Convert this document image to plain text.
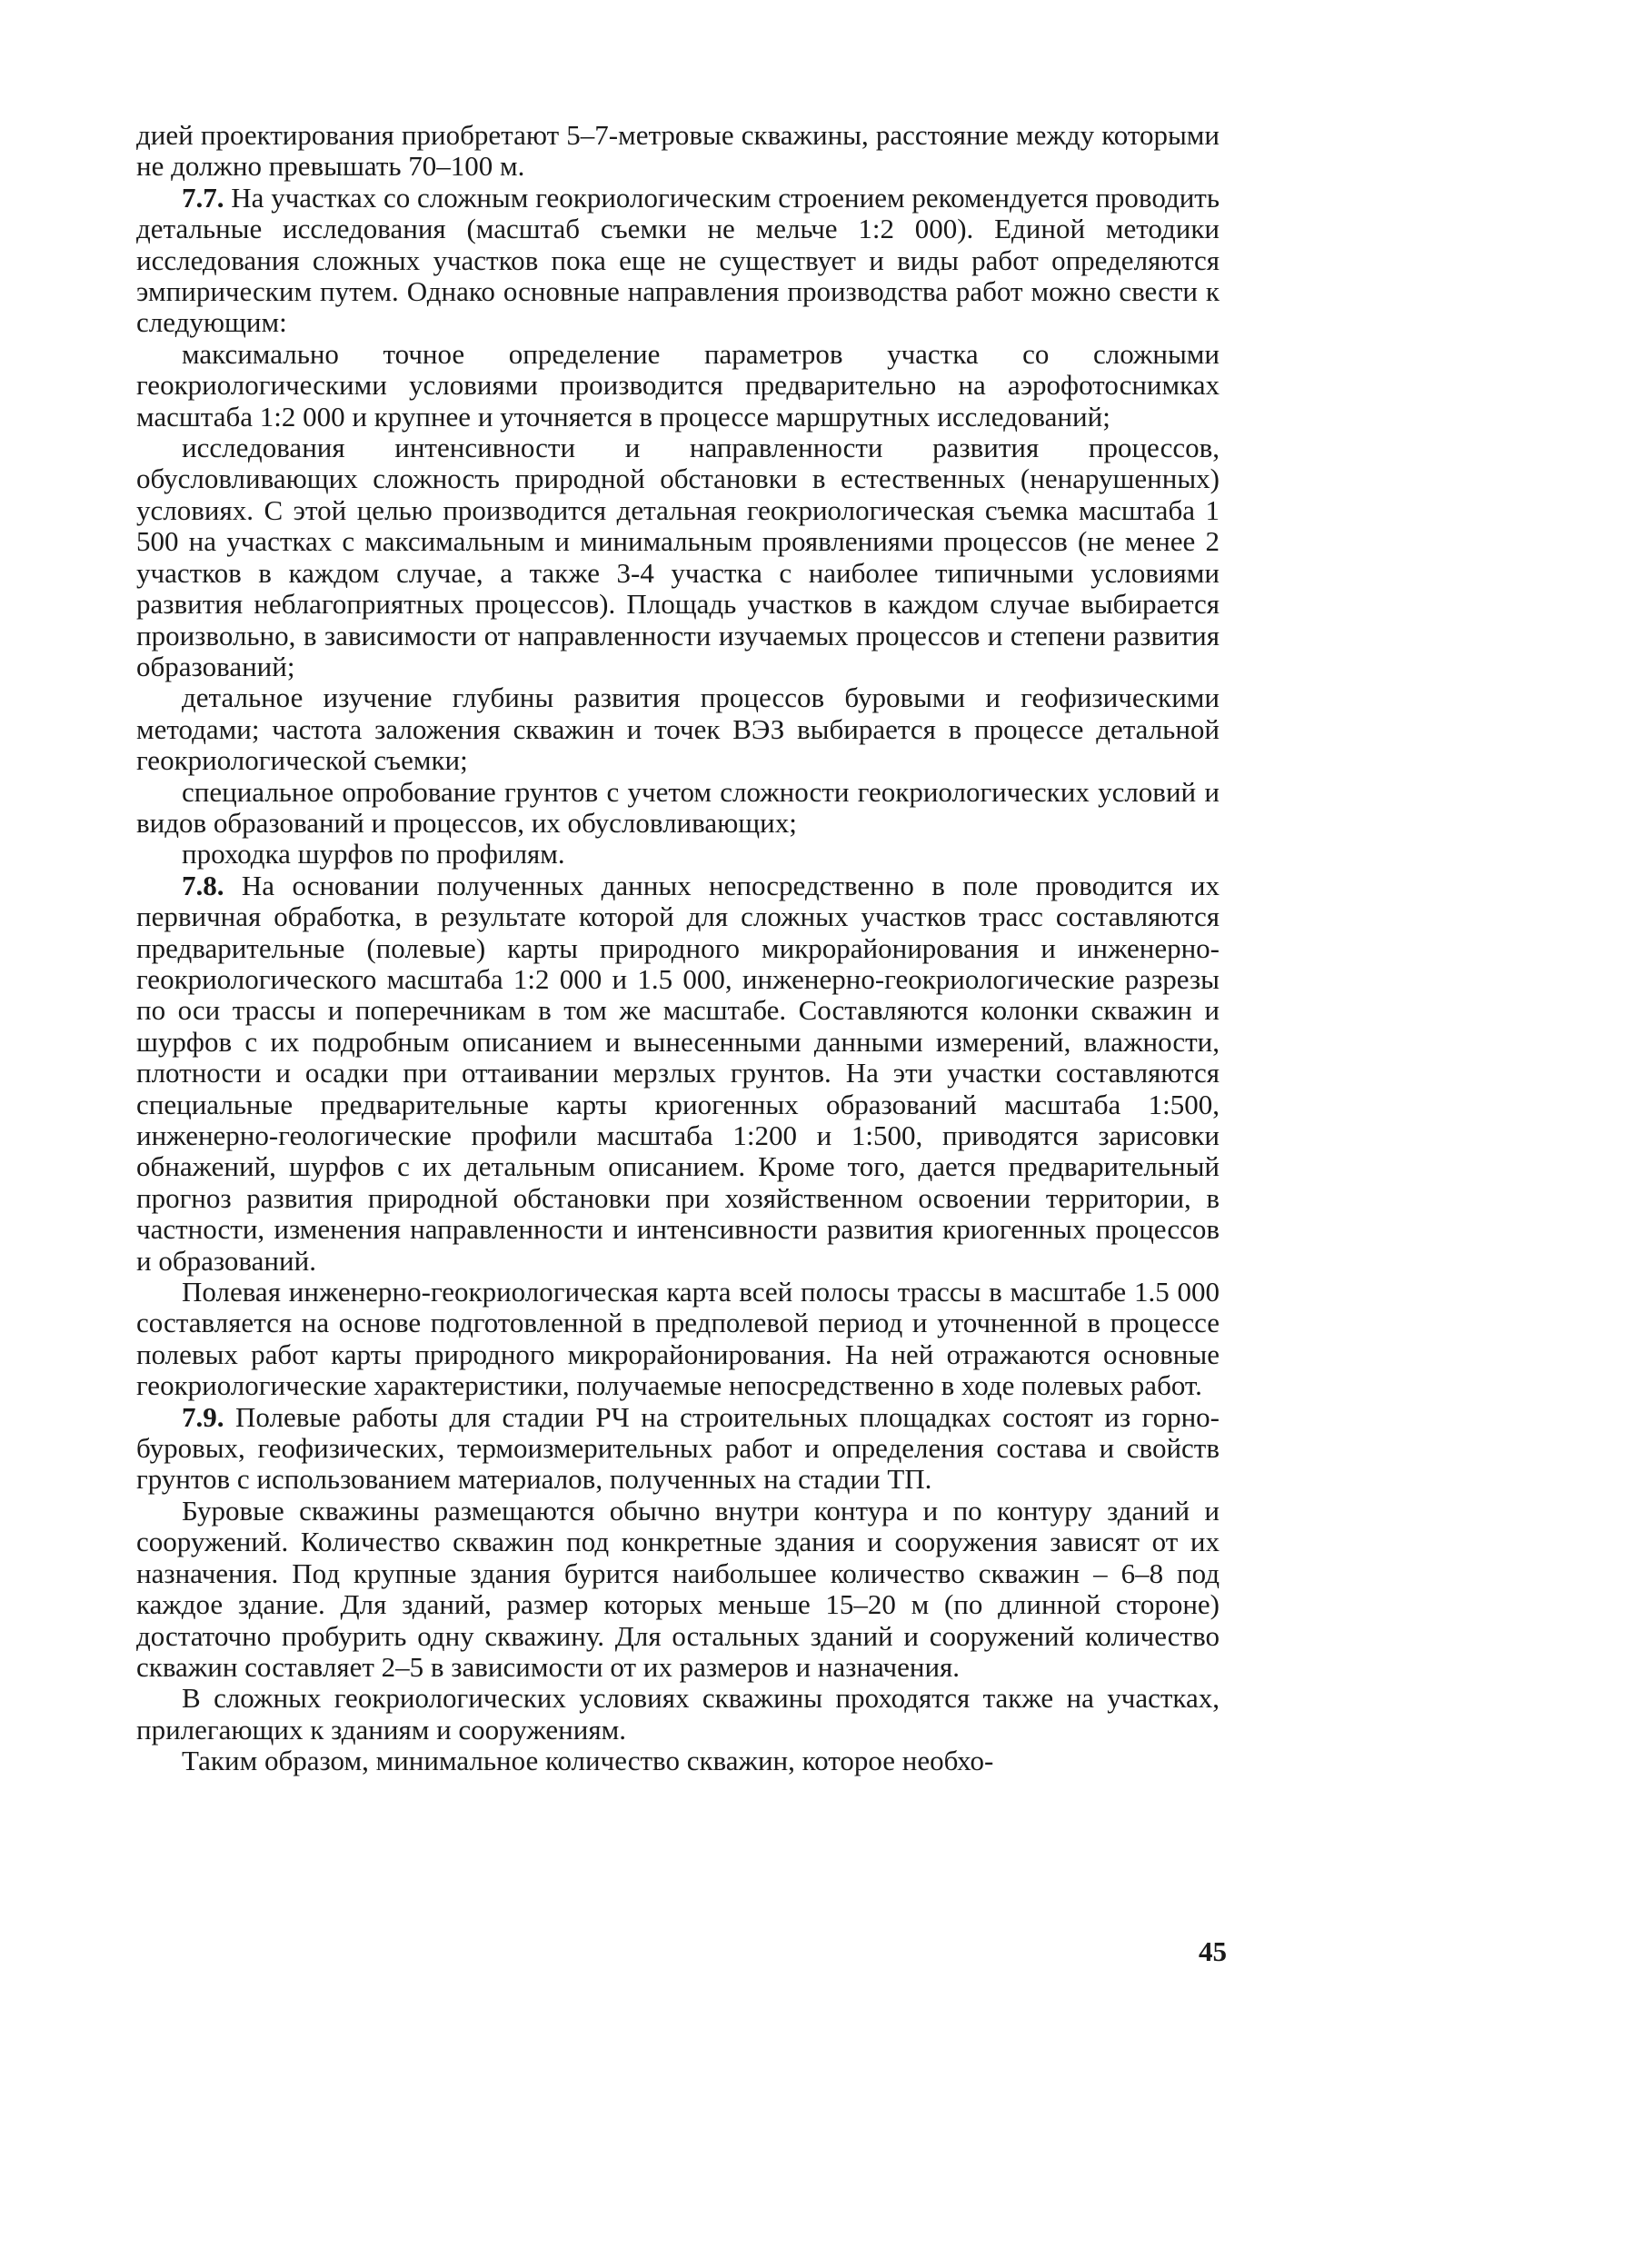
дией проектирования приобретают 5–7-метровые скважины, расстояние между которыми не должно превышать 70–100 м.

7.7. На участках со сложным геокриологическим строением рекомендуется проводить детальные исследования (масштаб съемки не мельче 1:2 000). Единой методики исследования сложных участков пока еще не существует и виды работ определяются эмпирическим путем. Однако основные направления производства работ можно свести к следующим:

максимально точное определение параметров участка со сложными геокриологическими условиями производится предварительно на аэрофотоснимках масштаба 1:2 000 и крупнее и уточняется в процессе маршрутных исследований;

исследования интенсивности и направленности развития процессов, обусловливающих сложность природной обстановки в естественных (ненарушенных) условиях. С этой целью производится детальная геокриологическая съемка масштаба 1 500 на участках с максимальным и минимальным проявлениями процессов (не менее 2 участков в каждом случае, а также 3-4 участка с наиболее типичными условиями развития неблагоприятных процессов). Площадь участков в каждом случае выбирается произвольно, в зависимости от направленности изучаемых процессов и степени развития образований;

детальное изучение глубины развития процессов буровыми и геофизическими методами; частота заложения скважин и точек ВЭЗ выбирается в процессе детальной геокриологической съемки;

специальное опробование грунтов с учетом сложности геокриологических условий и видов образований и процессов, их обусловливающих;

проходка шурфов по профилям.

7.8. На основании полученных данных непосредственно в поле проводится их первичная обработка, в результате которой для сложных участков трасс составляются предварительные (полевые) карты природного микрорайонирования и инженерно-геокриологического масштаба 1:2 000 и 1.5 000, инженерно-геокриологические разрезы по оси трассы и поперечникам в том же масштабе. Составляются колонки скважин и шурфов с их подробным описанием и вынесенными данными измерений, влажности, плотности и осадки при оттаивании мерзлых грунтов. На эти участки составляются специальные предварительные карты криогенных образований масштаба 1:500, инженерно-геологические профили масштаба 1:200 и 1:500, приводятся зарисовки обнажений, шурфов с их детальным описанием. Кроме того, дается предварительный прогноз развития природной обстановки при хозяйственном освоении территории, в частности, изменения направленности и интенсивности развития криогенных процессов и образований.

Полевая инженерно-геокриологическая карта всей полосы трассы в масштабе 1.5 000 составляется на основе подготовленной в предполевой период и уточненной в процессе полевых работ карты природного микрорайонирования. На ней отражаются основные геокриологические характеристики, получаемые непосредственно в ходе полевых работ.

7.9. Полевые работы для стадии РЧ на строительных площадках состоят из горно-буровых, геофизических, термоизмерительных работ и определения состава и свойств грунтов с использованием материалов, полученных на стадии ТП.

Буровые скважины размещаются обычно внутри контура и по контуру зданий и сооружений. Количество скважин под конкретные здания и сооружения зависят от их назначения. Под крупные здания бурится наибольшее количество скважин – 6–8 под каждое здание. Для зданий, размер которых меньше 15–20 м (по длинной стороне) достаточно пробурить одну скважину. Для остальных зданий и сооружений количество скважин составляет 2–5 в зависимости от их размеров и назначения.

В сложных геокриологических условиях скважины проходятся также на участках, прилегающих к зданиям и сооружениям.

Таким образом, минимальное количество скважин, которое необхо-

45
